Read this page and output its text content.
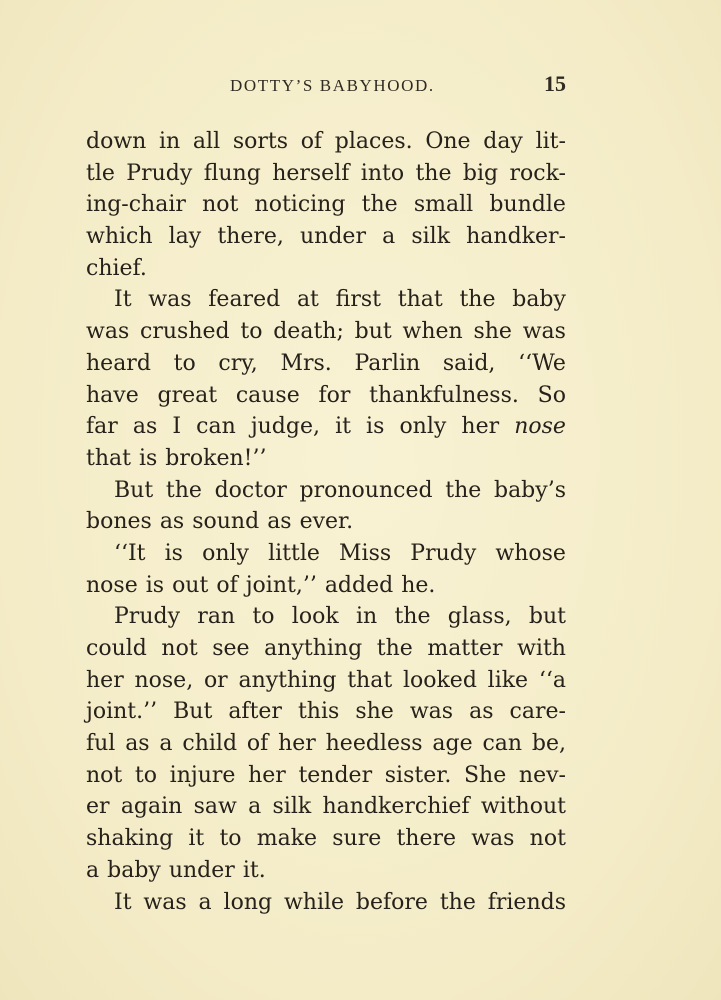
DOTTY’S BABYHOOD.	15
down in all sorts of places. One day lit-
tle Prudy flung herself into the big rock-
ing-chair not noticing the small bundle
which lay there, under a silk handker-
chief.
It was feared at first that the baby
was crushed to death; but when she was
heard to cry, Mrs. Parlin said, ‘‘We
have great cause for thankfulness. So
far as I can judge, it is only her nose
that is broken!’’
But the doctor pronounced the baby’s
bones as sound as ever.
‘‘It is only little Miss Prudy whose
nose is out of joint,’’ added he.
Prudy ran to look in the glass, but
could not see anything the matter with
her nose, or anything that looked like ‘‘a
joint.’’ But after this she was as care-
ful as a child of her heedless age can be,
not to injure her tender sister. She nev-
er again saw a silk handkerchief without
shaking it to make sure there was not
a baby under it.
It was a long while before the friends
